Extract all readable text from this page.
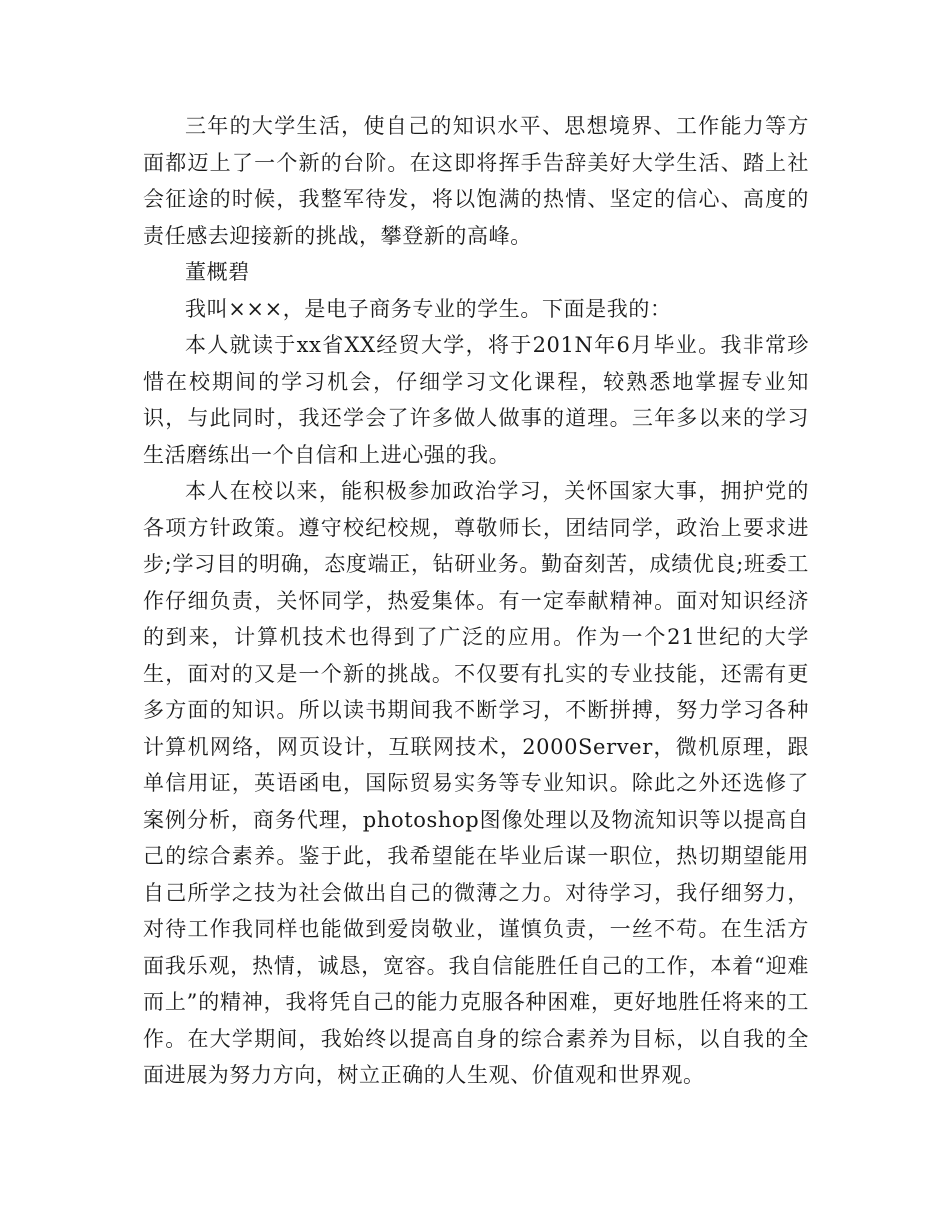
三年的大学生活，使自己的知识水平、思想境界、工作能力等方面都迈上了一个新的台阶。在这即将挥手告辞美好大学生活、踏上社会征途的时候，我整军待发，将以饱满的热情、坚定的信心、高度的责任感去迎接新的挑战，攀登新的高峰。

董概碧

我叫×××，是电子商务专业的学生。下面是我的：

本人就读于xx省XX经贸大学，将于201N年6月毕业。我非常珍惜在校期间的学习机会，仔细学习文化课程，较熟悉地掌握专业知识，与此同时，我还学会了许多做人做事的道理。三年多以来的学习生活磨练出一个自信和上进心强的我。

本人在校以来，能积极参加政治学习，关怀国家大事，拥护党的各项方针政策。遵守校纪校规，尊敬师长，团结同学，政治上要求进步;学习目的明确，态度端正，钻研业务。勤奋刻苦，成绩优良;班委工作仔细负责，关怀同学，热爱集体。有一定奉献精神。面对知识经济的到来，计算机技术也得到了广泛的应用。作为一个21世纪的大学生，面对的又是一个新的挑战。不仅要有扎实的专业技能，还需有更多方面的知识。所以读书期间我不断学习，不断拼搏，努力学习各种计算机网络，网页设计，互联网技术，2000Server，微机原理，跟单信用证，英语函电，国际贸易实务等专业知识。除此之外还选修了案例分析，商务代理，photoshop图像处理以及物流知识等以提高自己的综合素养。鉴于此，我希望能在毕业后谋一职位，热切期望能用自己所学之技为社会做出自己的微薄之力。对待学习，我仔细努力，对待工作我同样也能做到爱岗敬业，谨慎负责，一丝不苟。在生活方面我乐观，热情，诚恳，宽容。我自信能胜任自己的工作，本着“迎难而上”的精神，我将凭自己的能力克服各种困难，更好地胜任将来的工作。在大学期间，我始终以提高自身的综合素养为目标，以自我的全面进展为努力方向，树立正确的人生观、价值观和世界观。
